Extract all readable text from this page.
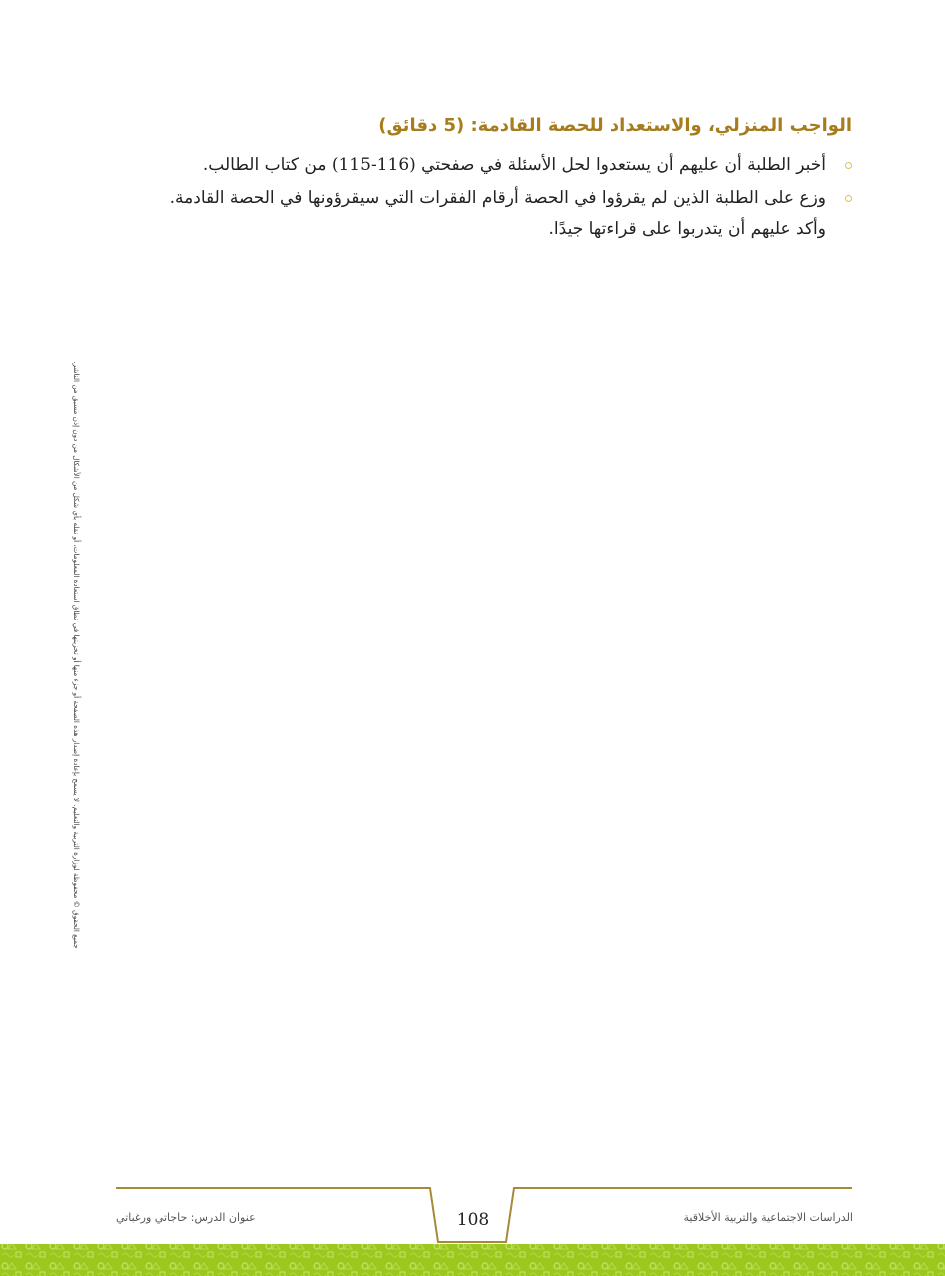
الواجب المنزلي، والاستعداد للحصة القادمة: (5 دقائق)
أخبر الطلبة أن عليهم أن يستعدوا لحل الأسئلة في صفحتي (116-115) من كتاب الطالب.
وزع على الطلبة الذين لم يقرؤوا في الحصة أرقام الفقرات التي سيقرؤونها في الحصة القادمة.
وأكد عليهم أن يتدربوا على قراءتها جيدًا.
جميع الحقوق © محفوظة لوزارة التربية والتعليم. لا يسمح بإعادة إصدار هذه الصفحة أو جزء منها أو تخزينها في نطاق استعادة المعلومات، أو نقله بأي شكل من الأشكال من دون إذن مسبق من الناشر.
عنوان الدرس: حاجاتي ورغباتي	108	الدراسات الاجتماعية والتربية الأخلاقية
